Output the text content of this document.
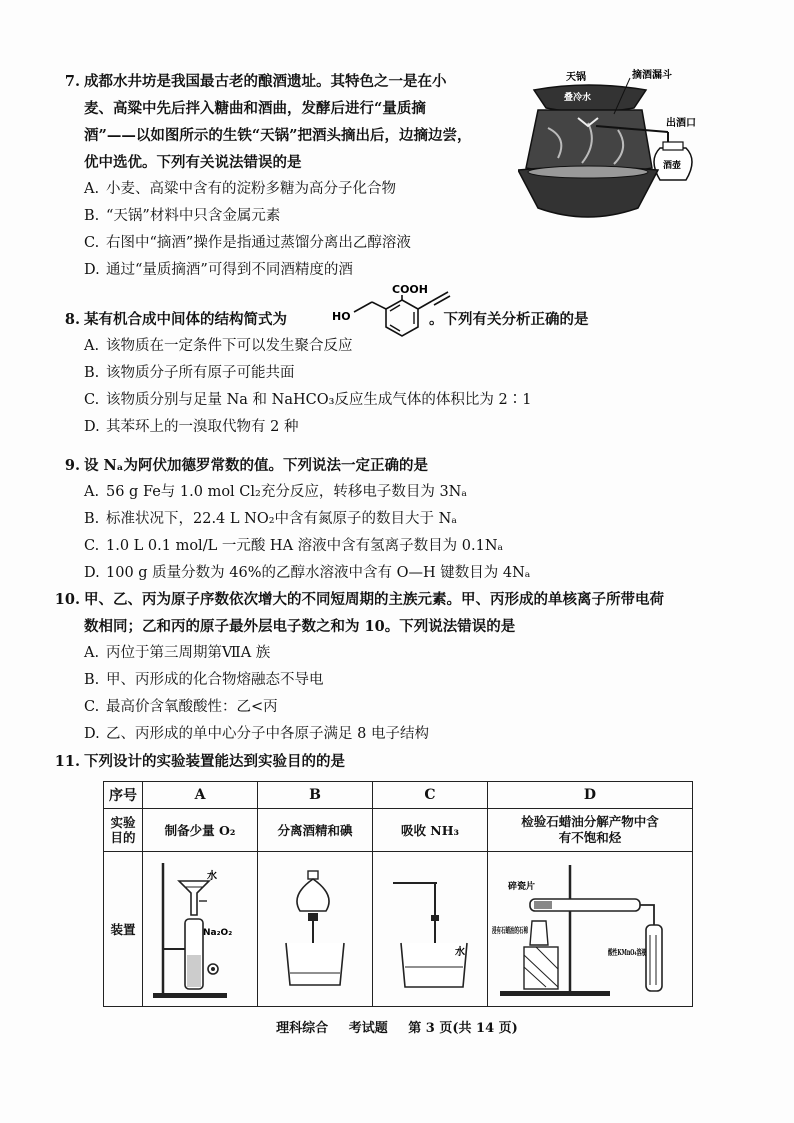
7. 成都水井坊是我国最古老的酿酒遗址。其特色之一是在小
麦、高粱中先后拌入糖曲和酒曲，发酵后进行“量质摘
酒”——以如图所示的生铁“天锅”把酒头摘出后，边摘边尝，
优中选优。下列有关说法错误的是
A. 小麦、高粱中含有的淀粉多糖为高分子化合物
B. “天锅”材料中只含金属元素
C. 右图中“摘酒”操作是指通过蒸馏分离出乙醇溶液
D. 通过“量质摘酒”可得到不同酒精度的酒
天锅
叠冷水
摘酒漏斗
出酒口
酒壶
8. 某有机合成中间体的结构简式为	。下列有关分析正确的是
A. 该物质在一定条件下可以发生聚合反应
B. 该物质分子所有原子可能共面
C. 该物质分别与足量 Na 和 NaHCO₃反应生成气体的体积比为 2∶1
D. 其苯环上的一溴取代物有 2 种
COOH
HO
9. 设 Nₐ为阿伏加德罗常数的值。下列说法一定正确的是
A. 56 g Fe与 1.0 mol Cl₂充分反应，转移电子数目为 3Nₐ
B. 标准状况下，22.4 L NO₂中含有氮原子的数目大于 Nₐ
C. 1.0 L 0.1 mol/L 一元酸 HA 溶液中含有氢离子数目为 0.1Nₐ
D. 100 g 质量分数为 46%的乙醇水溶液中含有 O—H 键数目为 4Nₐ
10. 甲、乙、丙为原子序数依次增大的不同短周期的主族元素。甲、丙形成的单核离子所带电荷
数相同；乙和丙的原子最外层电子数之和为 10。下列说法错误的是
A. 丙位于第三周期第ⅦA 族
B. 甲、丙形成的化合物熔融态不导电
C. 最高价含氧酸酸性：乙<丙
D. 乙、丙形成的单中心分子中各原子满足 8 电子结构
11. 下列设计的实验装置能达到实验目的的是
序号	A	B	C	D
实验目的	制备少量 O₂	分离酒精和碘	吸收 NH₃	检验石蜡油分解产物中含有不饱和烃
装置	水
Na₂O₂		水	碎瓷片
浸有石蜡油的石棉
酸性KMnO₄溶液
理科综合 考试题 第 3 页(共 14 页)
